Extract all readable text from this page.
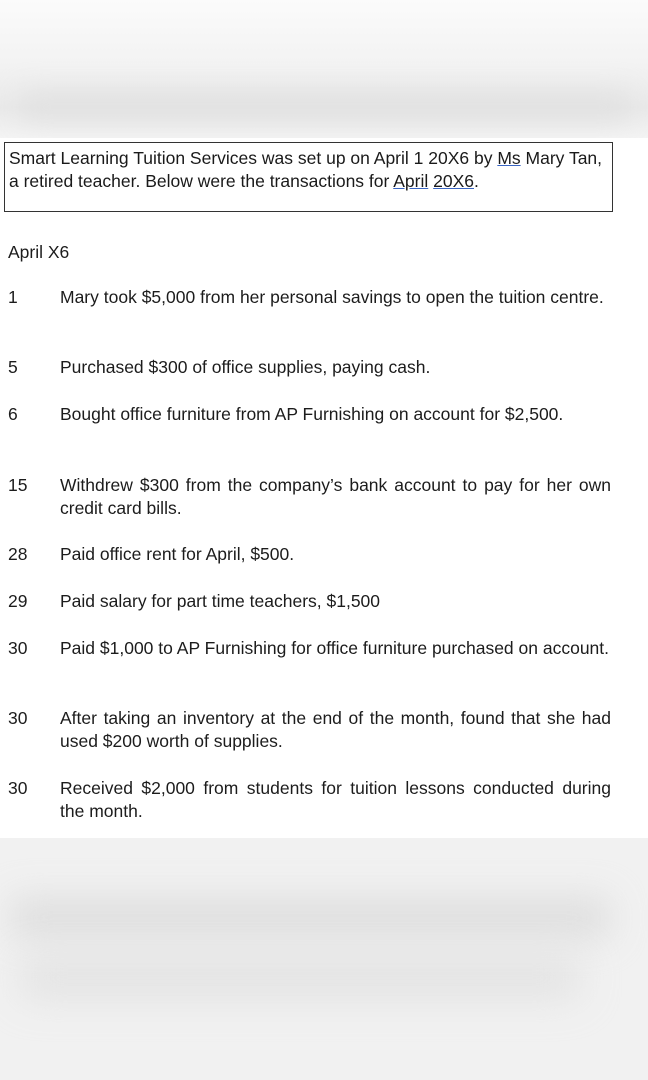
Smart Learning Tuition Services was set up on April 1 20X6 by Ms Mary Tan, a retired teacher. Below were the transactions for April 20X6.
April X6
1	Mary took $5,000 from her personal savings to open the tuition centre.
5	Purchased $300 of office supplies, paying cash.
6	Bought office furniture from AP Furnishing on account for $2,500.
15	Withdrew $300 from the company’s bank account to pay for her own credit card bills.
28	Paid office rent for April, $500.
29	Paid salary for part time teachers, $1,500
30	Paid $1,000 to AP Furnishing for office furniture purchased on account.
30	After taking an inventory at the end of the month, found that she had used $200 worth of supplies.
30	Received $2,000 from students for tuition lessons conducted during the month.
